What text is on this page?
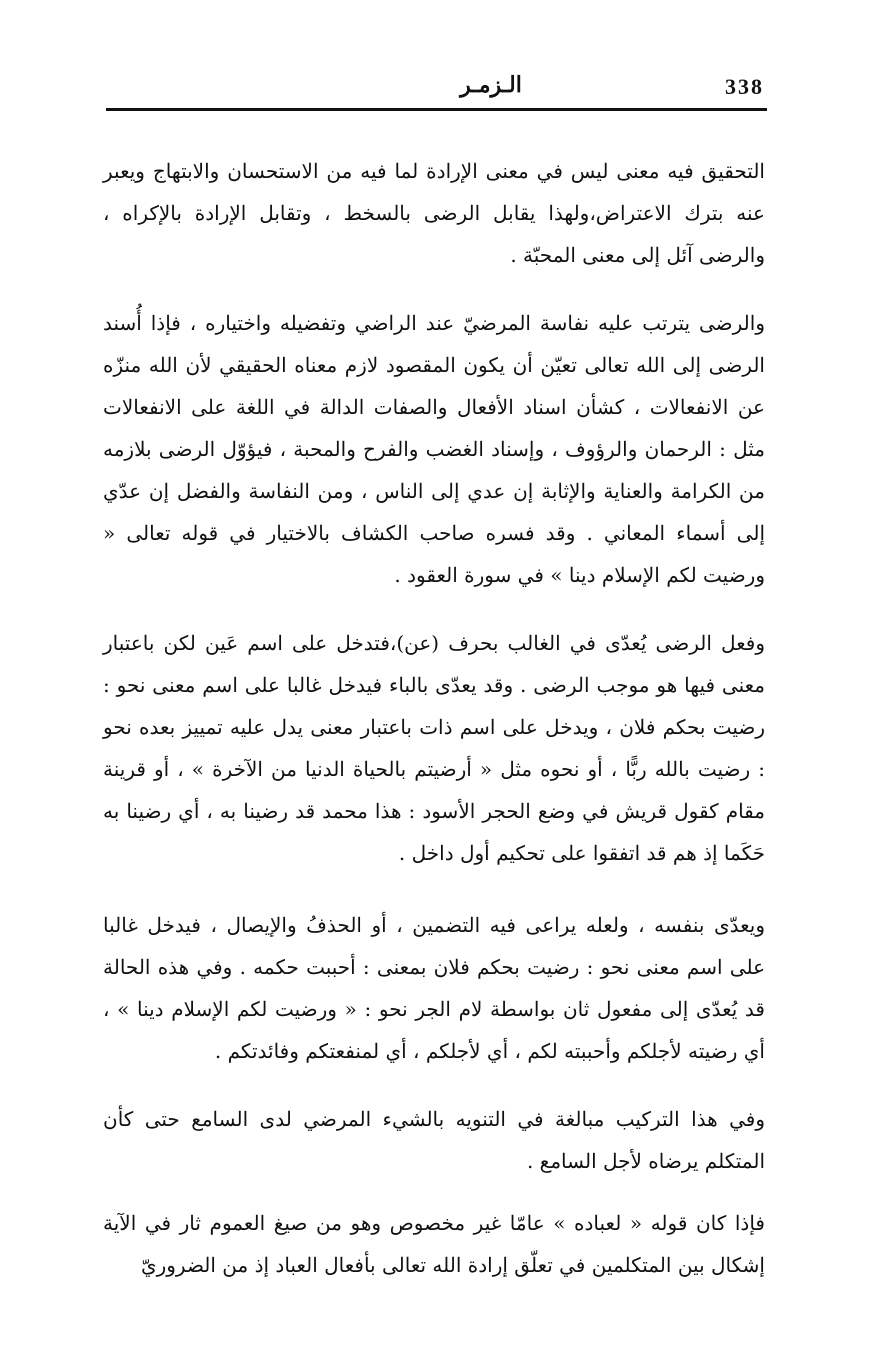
338
الـزمـر

التحقيق فيه معنى ليس في معنى الإرادة لما فيه من الاستحسان والابتهاج ويعبر عنه بترك الاعتراض،ولهذا يقابل الرضى بالسخط ، وتقابل الإرادة بالإكراه ، والرضى آئل إلى معنى المحبّة .

والرضى يترتب عليه نفاسة المرضيّ عند الراضي وتفضيله واختياره ، فإذا أُسند الرضى إلى الله تعالى تعيّن أن يكون المقصود لازم معناه الحقيقي لأن الله منزّه عن الانفعالات ، كشأن اسناد الأفعال والصفات الدالة في اللغة على الانفعالات مثل : الرحمان والرؤوف ، وإسناد الغضب والفرح والمحبة ، فيؤوّل الرضى بلازمه من الكرامة والعناية والإثابة إن عدي إلى الناس ، ومن النفاسة والفضل إن عدّي إلى أسماء المعاني . وقد فسره صاحب الكشاف بالاختيار في قوله تعالى « ورضيت لكم الإسلام دينا » في سورة العقود .

وفعل الرضى يُعدّى في الغالب بحرف (عن)،فتدخل على اسم عَين لكن باعتبار معنى فيها هو موجب الرضى . وقد يعدّى بالباء فيدخل غالبا على اسم معنى نحو : رضيت بحكم فلان ، ويدخل على اسم ذات باعتبار معنى يدل عليه تمييز بعده نحو : رضيت بالله ربًّا ، أو نحوه مثل « أرضيتم بالحياة الدنيا من الآخرة » ، أو قرينة مقام كقول قريش في وضع الحجر الأسود : هذا محمد قد رضينا به ، أي رضينا به حَكَما إذ هم قد اتفقوا على تحكيم أول داخل .

ويعدّى بنفسه ، ولعله يراعى فيه التضمين ، أو الحذفُ والإيصال ، فيدخل غالبا على اسم معنى نحو : رضيت بحكم فلان بمعنى : أحببت حكمه . وفي هذه الحالة قد يُعدّى إلى مفعول ثان بواسطة لام الجر نحو : « ورضيت لكم الإسلام دينا » ، أي رضيته لأجلكم وأحببته لكم ، أي لأجلكم ، أي لمنفعتكم وفائدتكم .

وفي هذا التركيب مبالغة في التنويه بالشيء المرضي لدى السامع حتى كأن المتكلم يرضاه لأجل السامع .

فإذا كان قوله « لعباده » عامّا غير مخصوص وهو من صيغ العموم ثار في الآية إشكال بين المتكلمين في تعلّق إرادة الله تعالى بأفعال العباد إذ من الضروريّ
